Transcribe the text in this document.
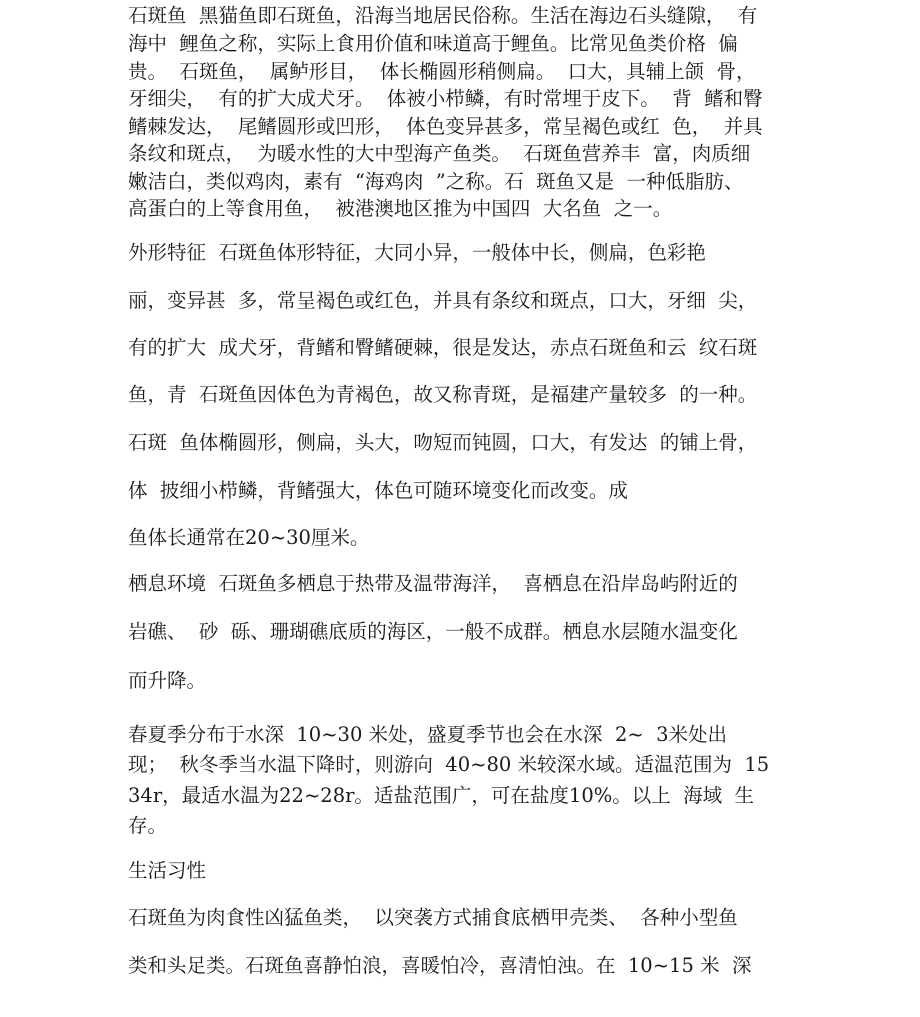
石斑鱼  黑猫鱼即石斑鱼，沿海当地居民俗称。生活在海边石头缝隙，  有
海中  鲤鱼之称，实际上食用价值和味道高于鲤鱼。比常见鱼类价格  偏
贵。  石斑鱼，  属鲈形目，  体长椭圆形稍侧扁。  口大，具辅上颌  骨，
牙细尖，  有的扩大成犬牙。  体被小栉鳞，有时常埋于皮下。  背  鳍和臀
鳍棘发达，  尾鳍圆形或凹形，  体色变异甚多，常呈褐色或红  色，  并具
条纹和斑点，  为暖水性的大中型海产鱼类。  石斑鱼营养丰  富，肉质细
嫩洁白，类似鸡肉，素有  “海鸡肉  ”之称。石  斑鱼又是  一种低脂肪、
高蛋白的上等食用鱼，  被港澳地区推为中国四  大名鱼  之一。
外形特征  石斑鱼体形特征，大同小异，一般体中长，侧扁，色彩艳
丽，变异甚  多，常呈褐色或红色，并具有条纹和斑点，口大，牙细  尖，
有的扩大  成犬牙，背鳍和臀鳍硬棘，很是发达，赤点石斑鱼和云  纹石斑
鱼，青  石斑鱼因体色为青褐色，故又称青斑，是福建产量较多  的一种。
石斑  鱼体椭圆形，侧扁，头大，吻短而钝圆，口大，有发达  的铺上骨，
体  披细小栉鳞，背鳍强大，体色可随环境变化而改变。成
鱼体长通常在20~30厘米。
栖息环境  石斑鱼多栖息于热带及温带海洋，  喜栖息在沿岸岛屿附近的
岩礁、  砂  砾、珊瑚礁底质的海区，一般不成群。栖息水层随水温变化
而升降。
春夏季分布于水深  10~30 米处，盛夏季节也会在水深  2~  3米处出
现；  秋冬季当水温下降时，则游向  40~80 米较深水域。适温范围为  15
34r，最适水温为22~28r。适盐范围广，可在盐度10%。以上  海域  生
存。
生活习性
石斑鱼为肉食性凶猛鱼类，  以突袭方式捕食底栖甲壳类、  各种小型鱼
类和头足类。石斑鱼喜静怕浪，喜暖怕冷，喜清怕浊。在  10~15 米  深
